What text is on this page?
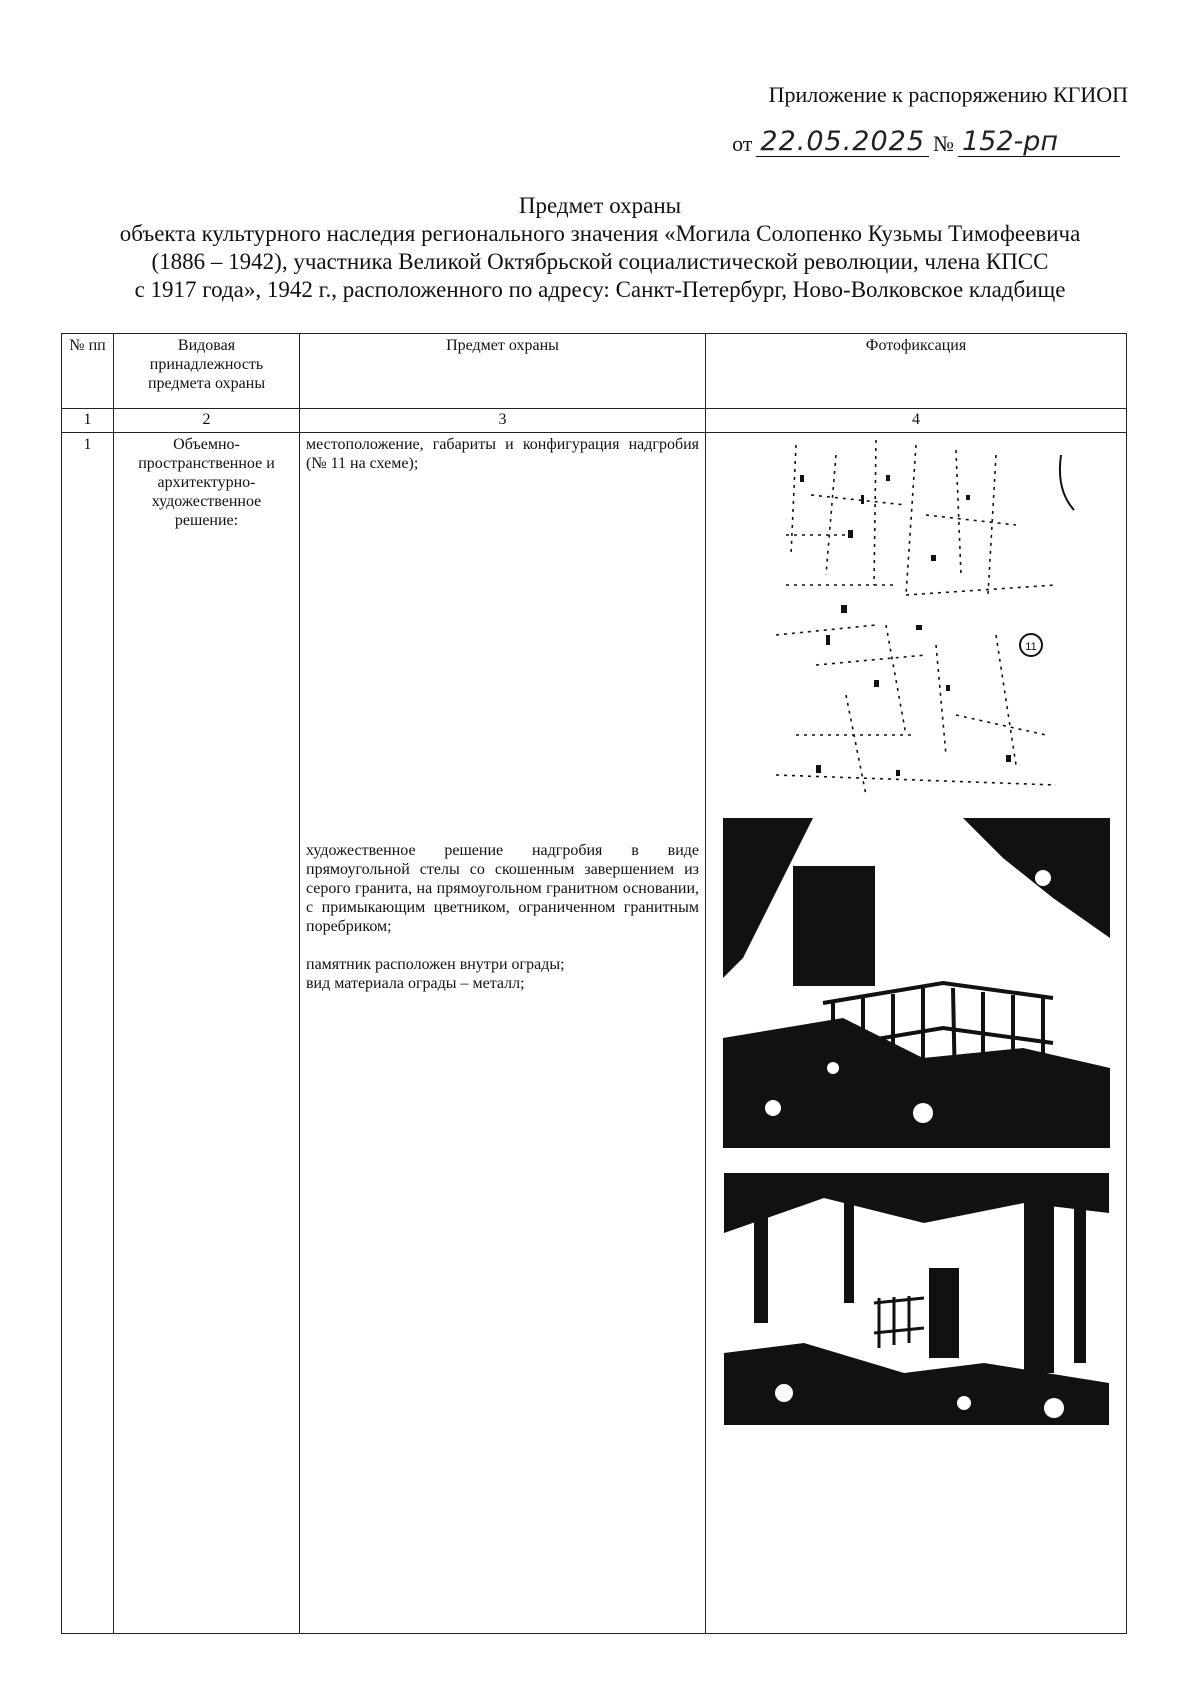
Приложение к распоряжению КГИОП
от 22.05.2025 № 152-рп
Предмет охраны
объекта культурного наследия регионального значения «Могила Солопенко Кузьмы Тимофеевича
(1886 – 1942), участника Великой Октябрьской социалистической революции, члена КПСС
с 1917 года», 1942 г., расположенного по адресу: Санкт-Петербург, Ново-Волковское кладбище
№ пп	Видовая принадлежность предмета охраны	Предмет охраны	Фотофиксация
1	2	3	4
1	Объемно-пространственное и архитектурно-художественное решение:	местоположение, габариты и конфигурация надгробия (№ 11 на схеме);

художественное решение надгробия в виде прямоугольной стелы со скошенным завершением из серого гранита, на прямоугольном гранитном основании, с примыкающим цветником, ограниченном гранитным поребриком;

памятник расположен внутри ограды;

вид материала ограды – металл;	11
